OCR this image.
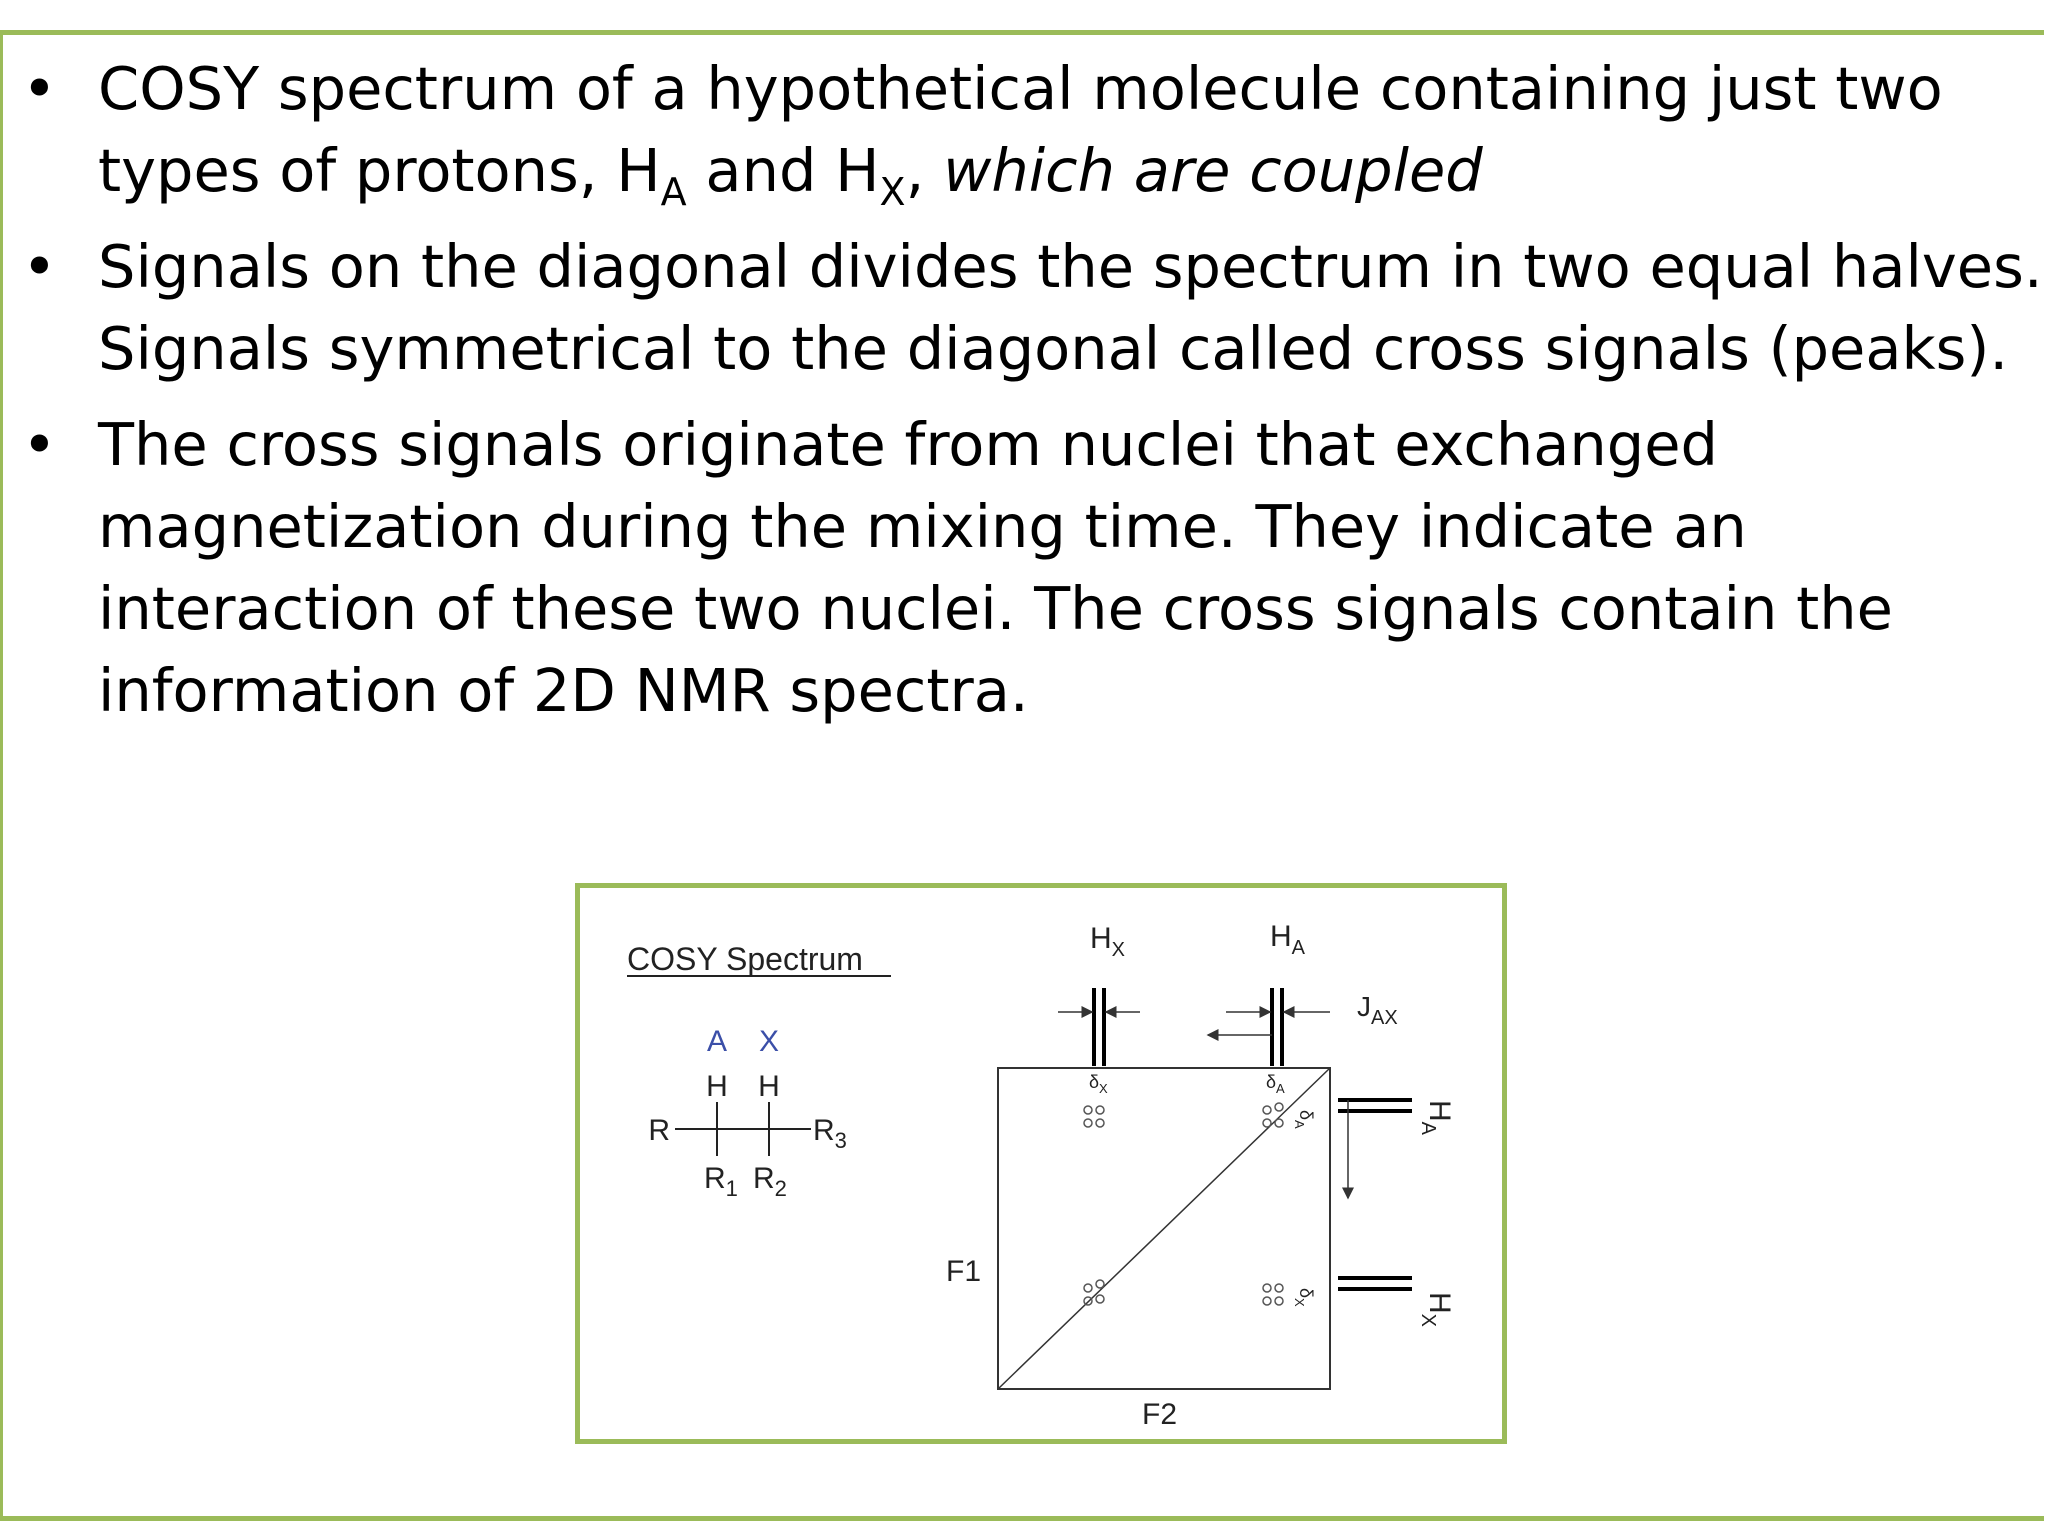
• COSY spectrum of a hypothetical molecule containing just two types of protons, $H_A$ and $H_X$, which are coupled
• Signals on the diagonal divides the spectrum in two equal halves. Signals symmetrical to the diagonal called cross signals (peaks).
• The cross signals originate from nuclei that exchanged magnetization during the mixing time. They indicate an interaction of these two nuclei. The cross signals contain the information of 2D NMR spectra.
COSY Spectrum
A X
H H
R	$R_3$
$R_1$ $R_2$
$H_X$	$H_A$
$J_{AX}$
$\delta_X$	$\delta_A$
$\delta_A$
$\delta_X$
$H_A$
$H_X$
F1
F2
